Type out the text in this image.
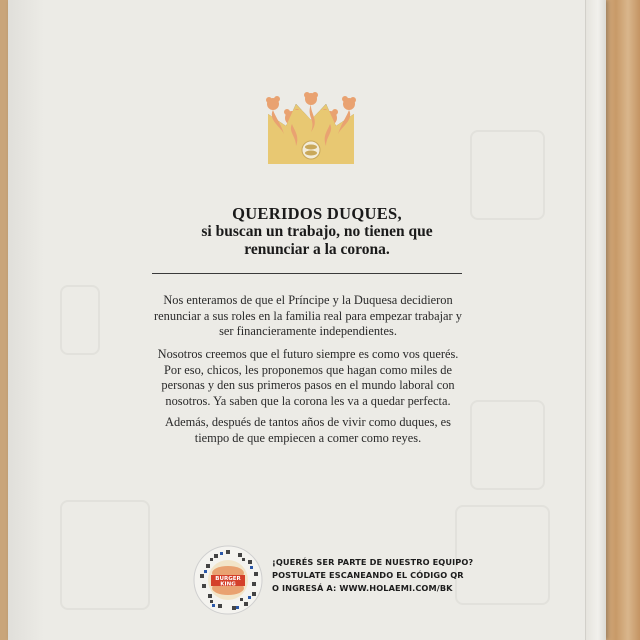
QUERIDOS DUQUES,
si buscan un trabajo, no tienen que
renunciar a la corona.
Nos enteramos de que el Príncipe y la Duquesa decidieron
renunciar a sus roles en la familia real para empezar trabajar y
ser financieramente independientes.
Nosotros creemos que el futuro siempre es como vos querés.
Por eso, chicos, les proponemos que hagan como miles de
personas y den sus primeros pasos en el mundo laboral con
nosotros. Ya saben que la corona les va a quedar perfecta.
Además, después de tantos años de vivir como duques, es
tiempo de que empiecen a comer como reyes.
BURGER
KING
¡QUERÉS SER PARTE DE NUESTRO EQUIPO?
POSTULATE ESCANEANDO EL CÓDIGO QR
O INGRESÁ A: WWW.HOLAEMI.COM/BK
